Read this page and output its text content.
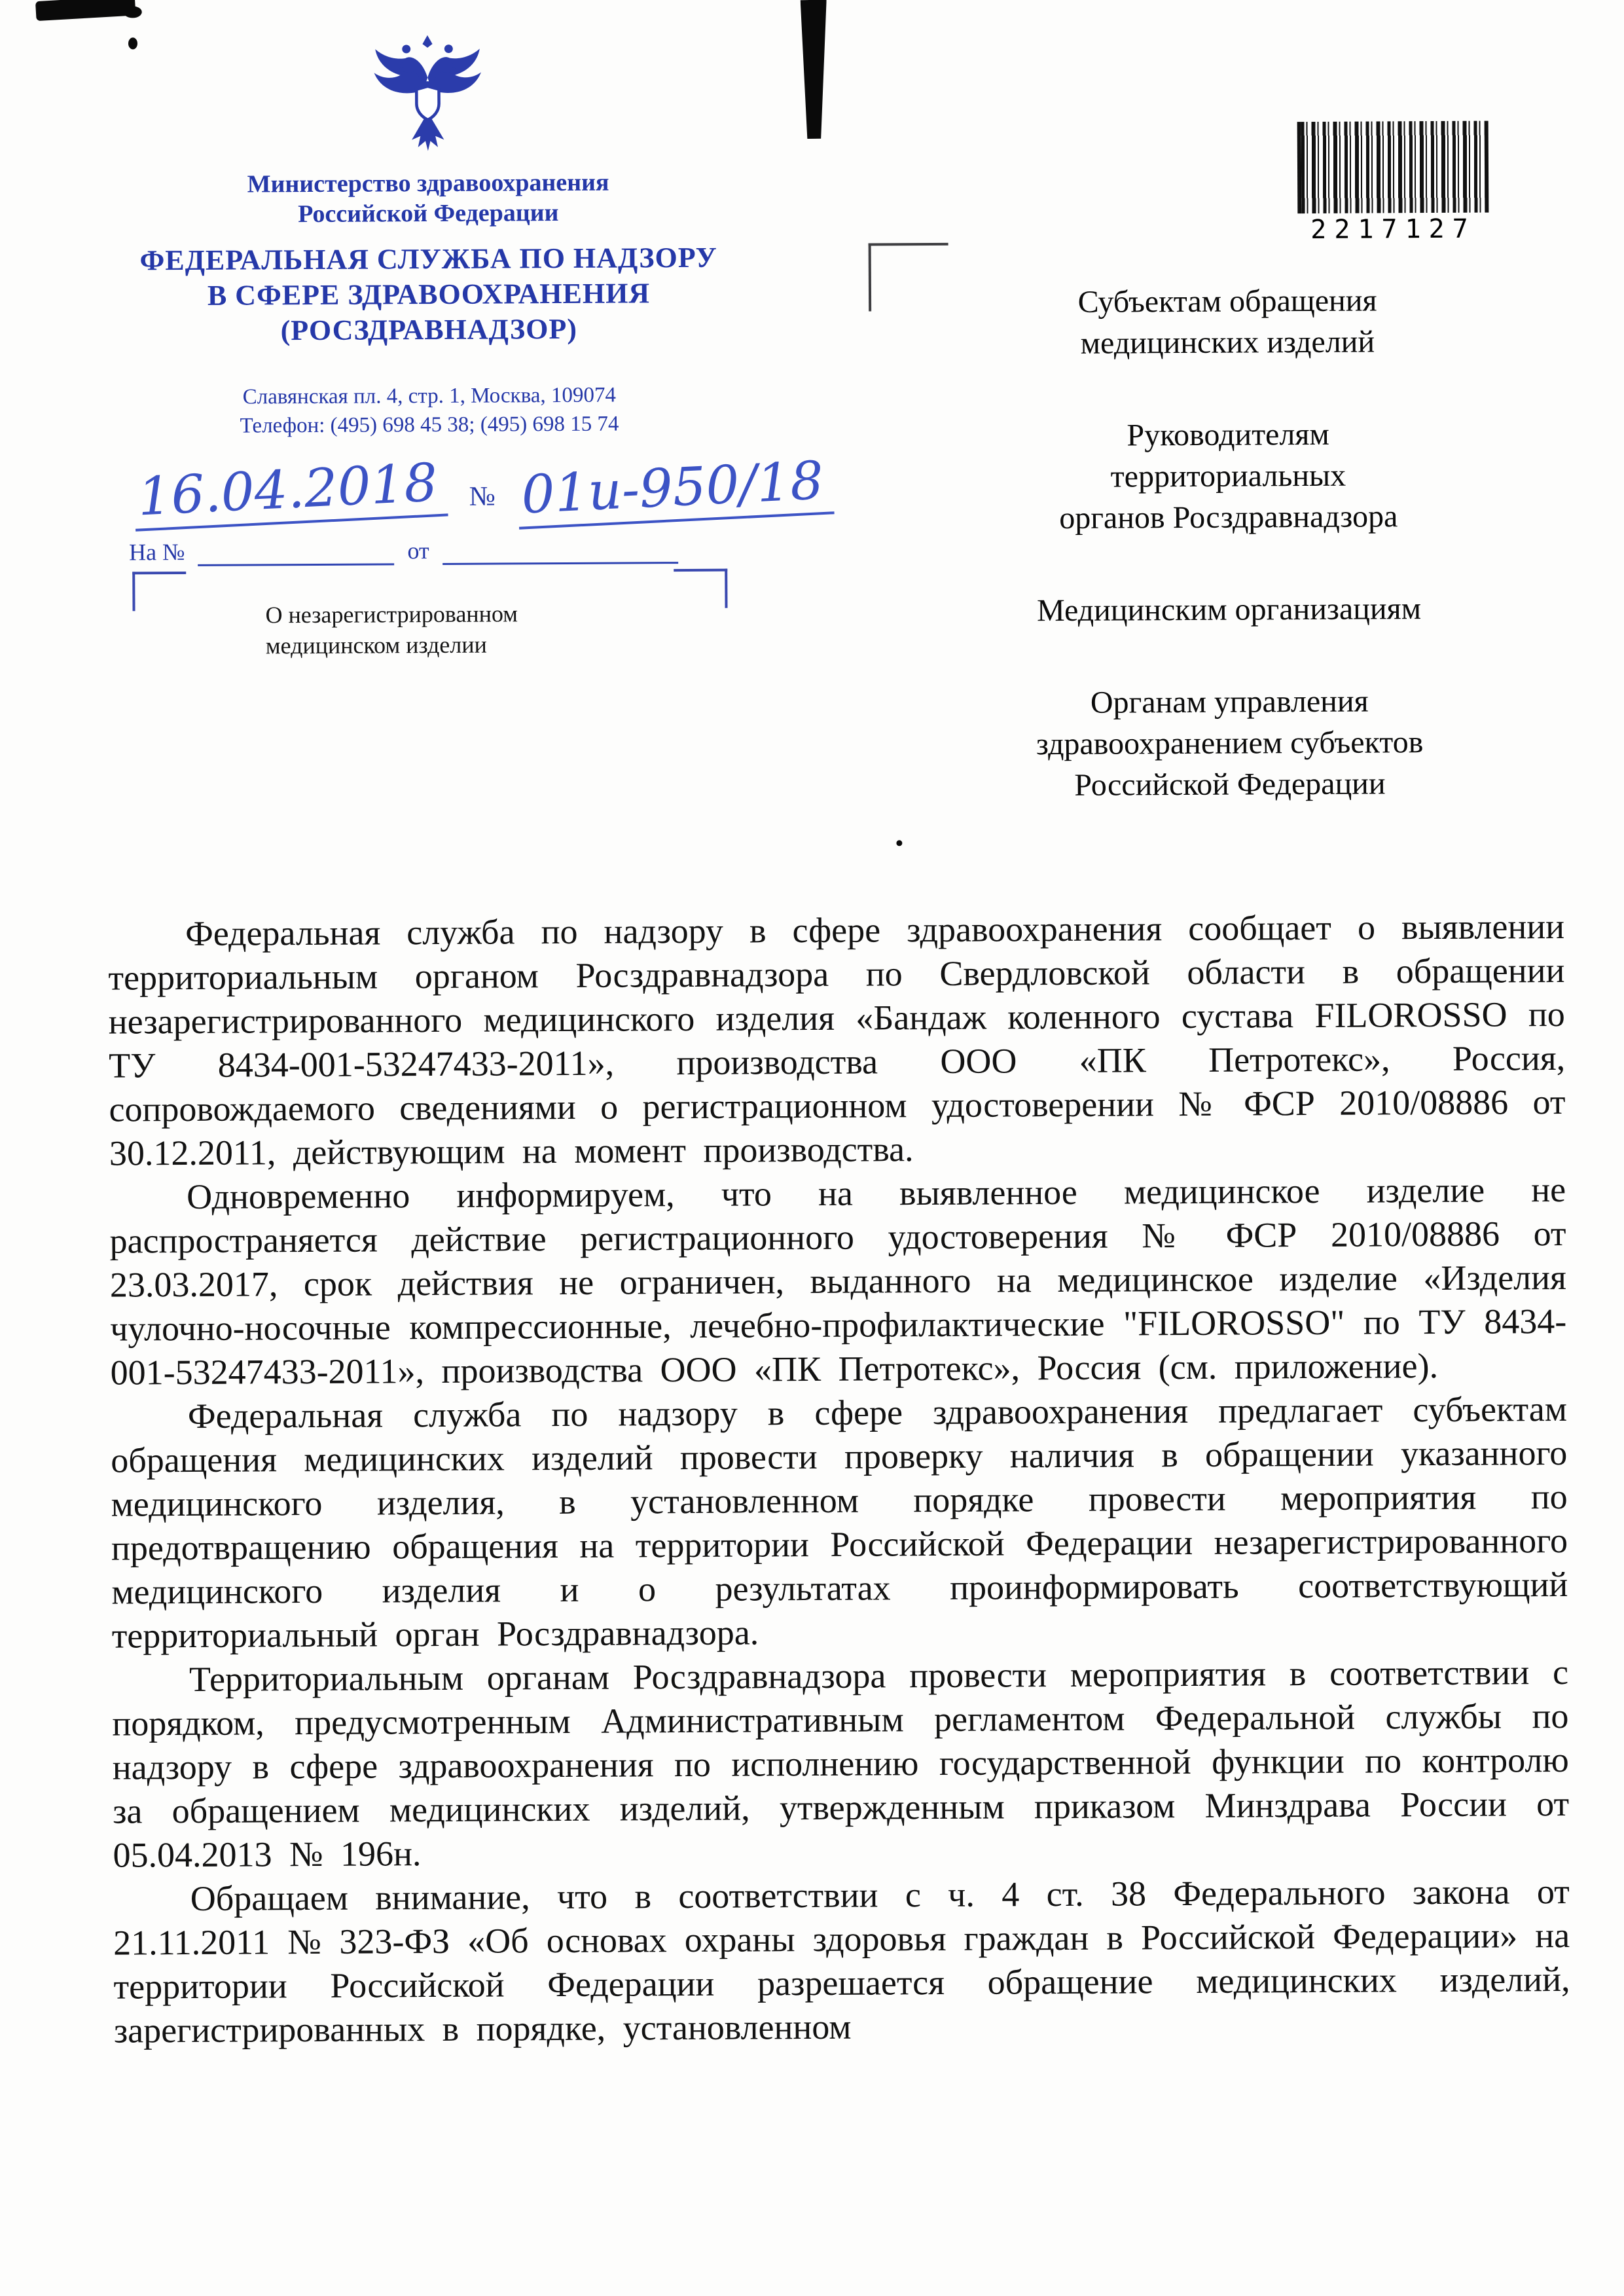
2217127
Министерство здравоохранения
Российской Федерации
ФЕДЕРАЛЬНАЯ СЛУЖБА ПО НАДЗОРУ
В СФЕРЕ ЗДРАВООХРАНЕНИЯ
(РОСЗДРАВНАДЗОР)
Славянская пл. 4, стр. 1, Москва, 109074
Телефон: (495) 698 45 38; (495) 698 15 74
16.04.2018	№ 01и-950/18
На №	от
О незарегистрированном
медицинском изделии
Субъектам обращения
медицинских изделий
Руководителям
территориальных
органов Росздравнадзора
Медицинским организациям
Органам управления
здравоохранением субъектов
Российской Федерации

Федеральная служба по надзору в сфере здравоохранения сообщает о выявлении территориальным органом Росздравнадзора по Свердловской области в обращении незарегистрированного медицинского изделия «Бандаж коленного сустава FILOROSSO по ТУ 8434-001-53247433-2011», производства ООО «ПК Петротекс», Россия, сопровождаемого сведениями о регистрационном удостоверении № ФСР 2010/08886 от 30.12.2011, действующим на момент производства.

Одновременно информируем, что на выявленное медицинское изделие не распространяется действие регистрационного удостоверения № ФСР 2010/08886 от 23.03.2017, срок действия не ограничен, выданного на медицинское изделие «Изделия чулочно-носочные компрессионные, лечебно-профилактические "FILOROSSO" по ТУ 8434-001-53247433-2011», производства ООО «ПК Петротекс», Россия (см. приложение).

Федеральная служба по надзору в сфере здравоохранения предлагает субъектам обращения медицинских изделий провести проверку наличия в обращении указанного медицинского изделия, в установленном порядке провести мероприятия по предотвращению обращения на территории Российской Федерации незарегистрированного медицинского изделия и о результатах проинформировать соответствующий территориальный орган Росздравнадзора.

Территориальным органам Росздравнадзора провести мероприятия в соответствии с порядком, предусмотренным Административным регламентом Федеральной службы по надзору в сфере здравоохранения по исполнению государственной функции по контролю за обращением медицинских изделий, утвержденным приказом Минздрава России от 05.04.2013 № 196н.

Обращаем внимание, что в соответствии с ч. 4 ст. 38 Федерального закона от 21.11.2011 № 323-ФЗ «Об основах охраны здоровья граждан в Российской Федерации» на территории Российской Федерации разрешается обращение медицинских изделий, зарегистрированных в порядке, установленном
